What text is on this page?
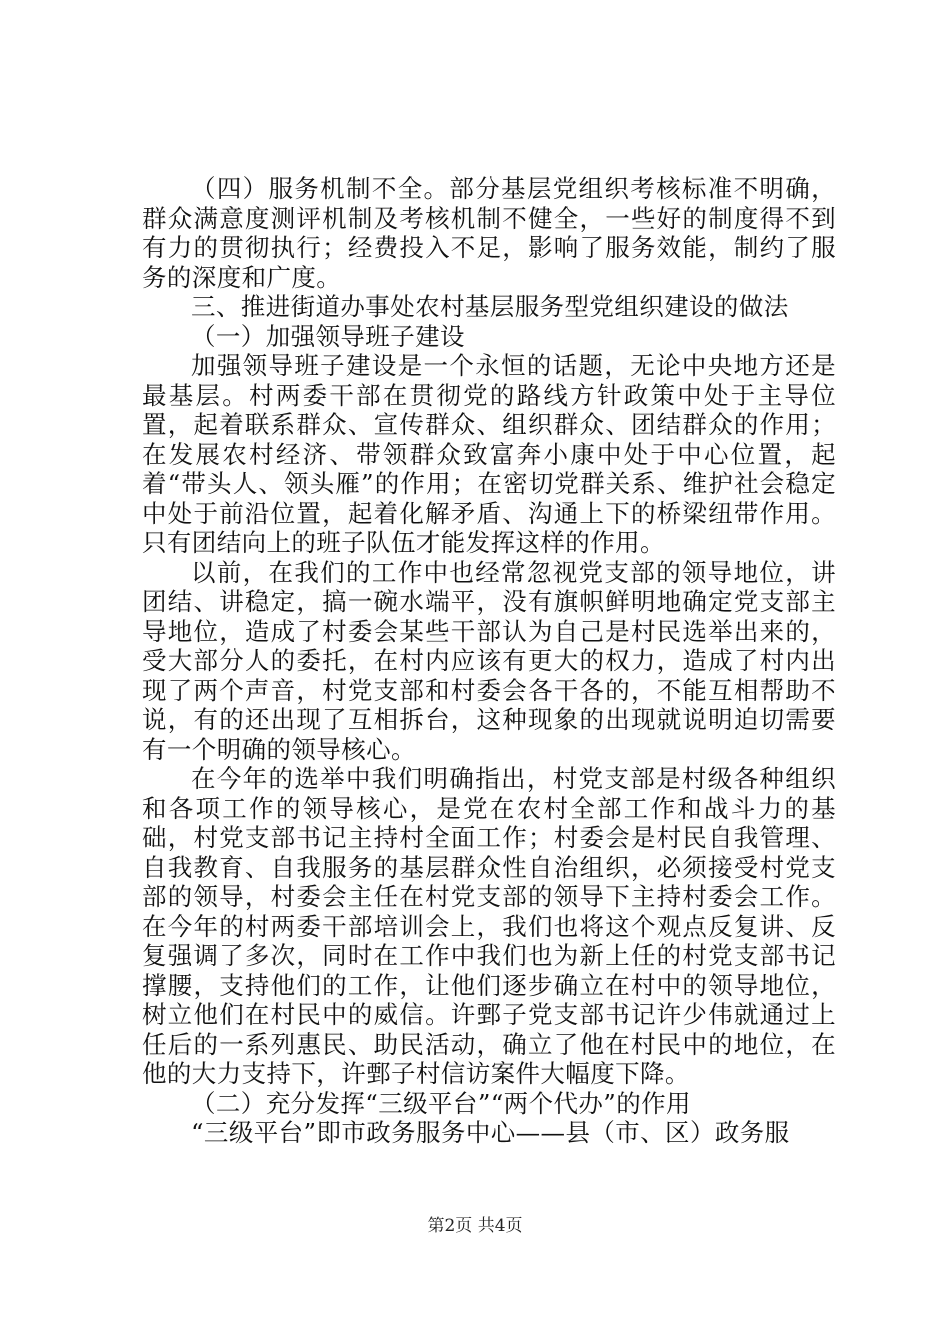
（四）服务机制不全。部分基层党组织考核标准不明确，群众满意度测评机制及考核机制不健全，一些好的制度得不到有力的贯彻执行；经费投入不足，影响了服务效能，制约了服务的深度和广度。

三、推进街道办事处农村基层服务型党组织建设的做法

（一）加强领导班子建设

加强领导班子建设是一个永恒的话题，无论中央地方还是最基层。村两委干部在贯彻党的路线方针政策中处于主导位置，起着联系群众、宣传群众、组织群众、团结群众的作用；在发展农村经济、带领群众致富奔小康中处于中心位置，起着“带头人、领头雁”的作用；在密切党群关系、维护社会稳定中处于前沿位置，起着化解矛盾、沟通上下的桥梁纽带作用。只有团结向上的班子队伍才能发挥这样的作用。

以前，在我们的工作中也经常忽视党支部的领导地位，讲团结、讲稳定，搞一碗水端平，没有旗帜鲜明地确定党支部主导地位，造成了村委会某些干部认为自己是村民选举出来的，受大部分人的委托，在村内应该有更大的权力，造成了村内出现了两个声音，村党支部和村委会各干各的，不能互相帮助不说，有的还出现了互相拆台，这种现象的出现就说明迫切需要有一个明确的领导核心。

在今年的选举中我们明确指出，村党支部是村级各种组织和各项工作的领导核心，是党在农村全部工作和战斗力的基础，村党支部书记主持村全面工作；村委会是村民自我管理、自我教育、自我服务的基层群众性自治组织，必须接受村党支部的领导，村委会主任在村党支部的领导下主持村委会工作。在今年的村两委干部培训会上，我们也将这个观点反复讲、反复强调了多次，同时在工作中我们也为新上任的村党支部书记撑腰，支持他们的工作，让他们逐步确立在村中的领导地位，树立他们在村民中的威信。许鄄子党支部书记许少伟就通过上任后的一系列惠民、助民活动，确立了他在村民中的地位，在他的大力支持下，许鄄子村信访案件大幅度下降。

（二）充分发挥“三级平台”“两个代办”的作用

“三级平台”即市政务服务中心——县（市、区）政务服

第2页 共4页
